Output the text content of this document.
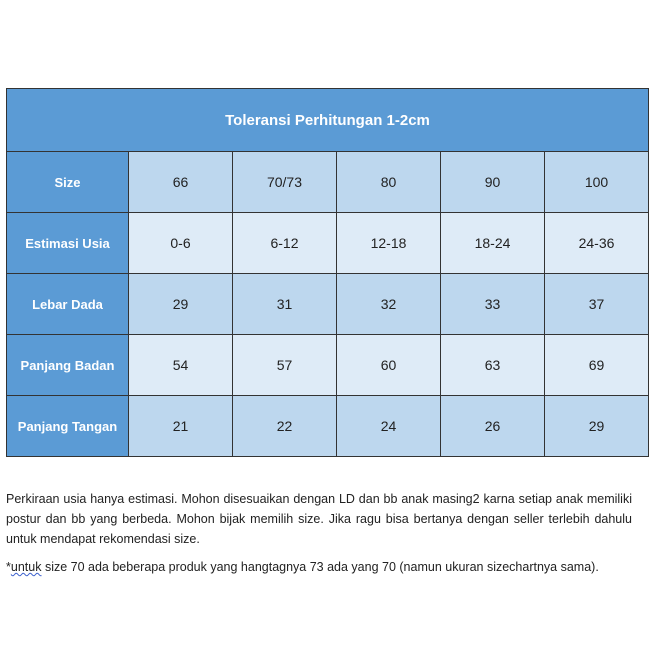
Toleransi Perhitungan 1-2cm					
Size	66	70/73	80	90	100
Estimasi Usia	0-6	6-12	12-18	18-24	24-36
Lebar Dada	29	31	32	33	37
Panjang Badan	54	57	60	63	69
Panjang Tangan	21	22	24	26	29

Perkiraan usia hanya estimasi. Mohon disesuaikan dengan LD dan bb anak masing2 karna setiap anak memiliki postur dan bb yang berbeda. Mohon bijak memilih size. Jika ragu bisa bertanya dengan seller terlebih dahulu untuk mendapat rekomendasi size.

*untuk size 70 ada beberapa produk yang hangtagnya 73 ada yang 70 (namun ukuran sizechartnya sama).
